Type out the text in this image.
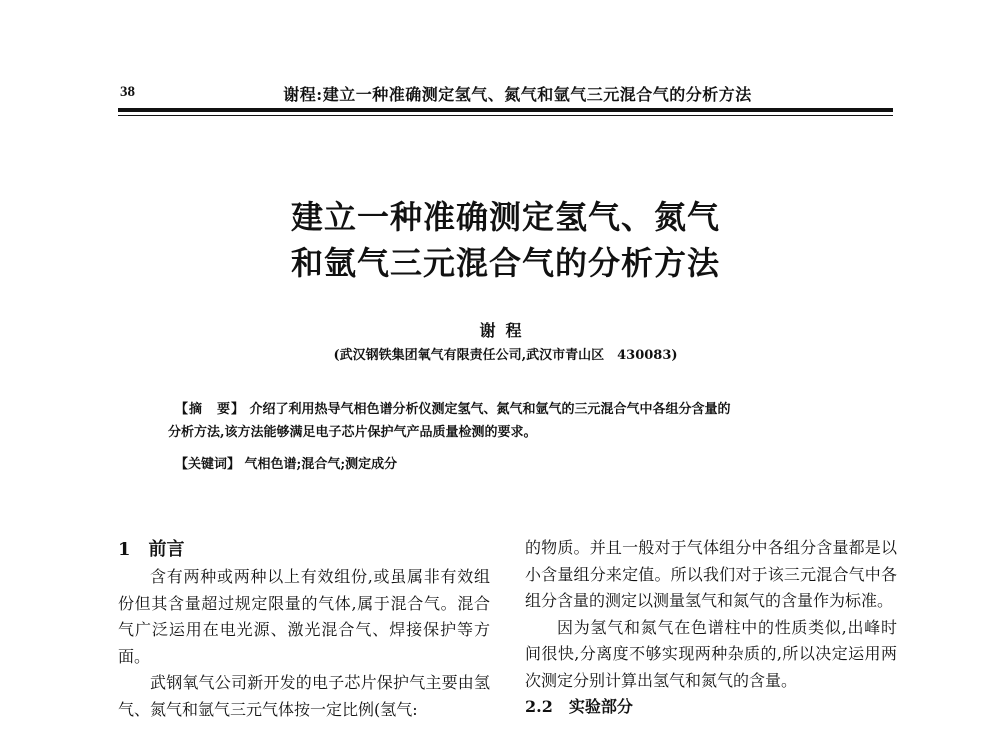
38	谢程:建立一种准确测定氢气、氮气和氩气三元混合气的分析方法
建立一种准确测定氢气、氮气
和氩气三元混合气的分析方法
谢程
(武汉钢铁集团氧气有限责任公司,武汉市青山区　430083)
【摘　要】 介绍了利用热导气相色谱分析仪测定氢气、氮气和氩气的三元混合气中各组分含量的
分析方法,该方法能够满足电子芯片保护气产品质量检测的要求。
【关键词】 气相色谱;混合气;测定成分
1　前言

含有两种或两种以上有效组份,或虽属非有效组份但其含量超过规定限量的气体,属于混合气。混合气广泛运用在电光源、激光混合气、焊接保护等方面。

武钢氧气公司新开发的电子芯片保护气主要由氢气、氮气和氩气三元气体按一定比例(氢气:

的物质。并且一般对于气体组分中各组分含量都是以小含量组分来定值。所以我们对于该三元混合气中各组分含量的测定以测量氢气和氮气的含量作为标准。

因为氢气和氮气在色谱柱中的性质类似,出峰时间很快,分离度不够实现两种杂质的,所以决定运用两次测定分别计算出氢气和氮气的含量。

2.2　实验部分
